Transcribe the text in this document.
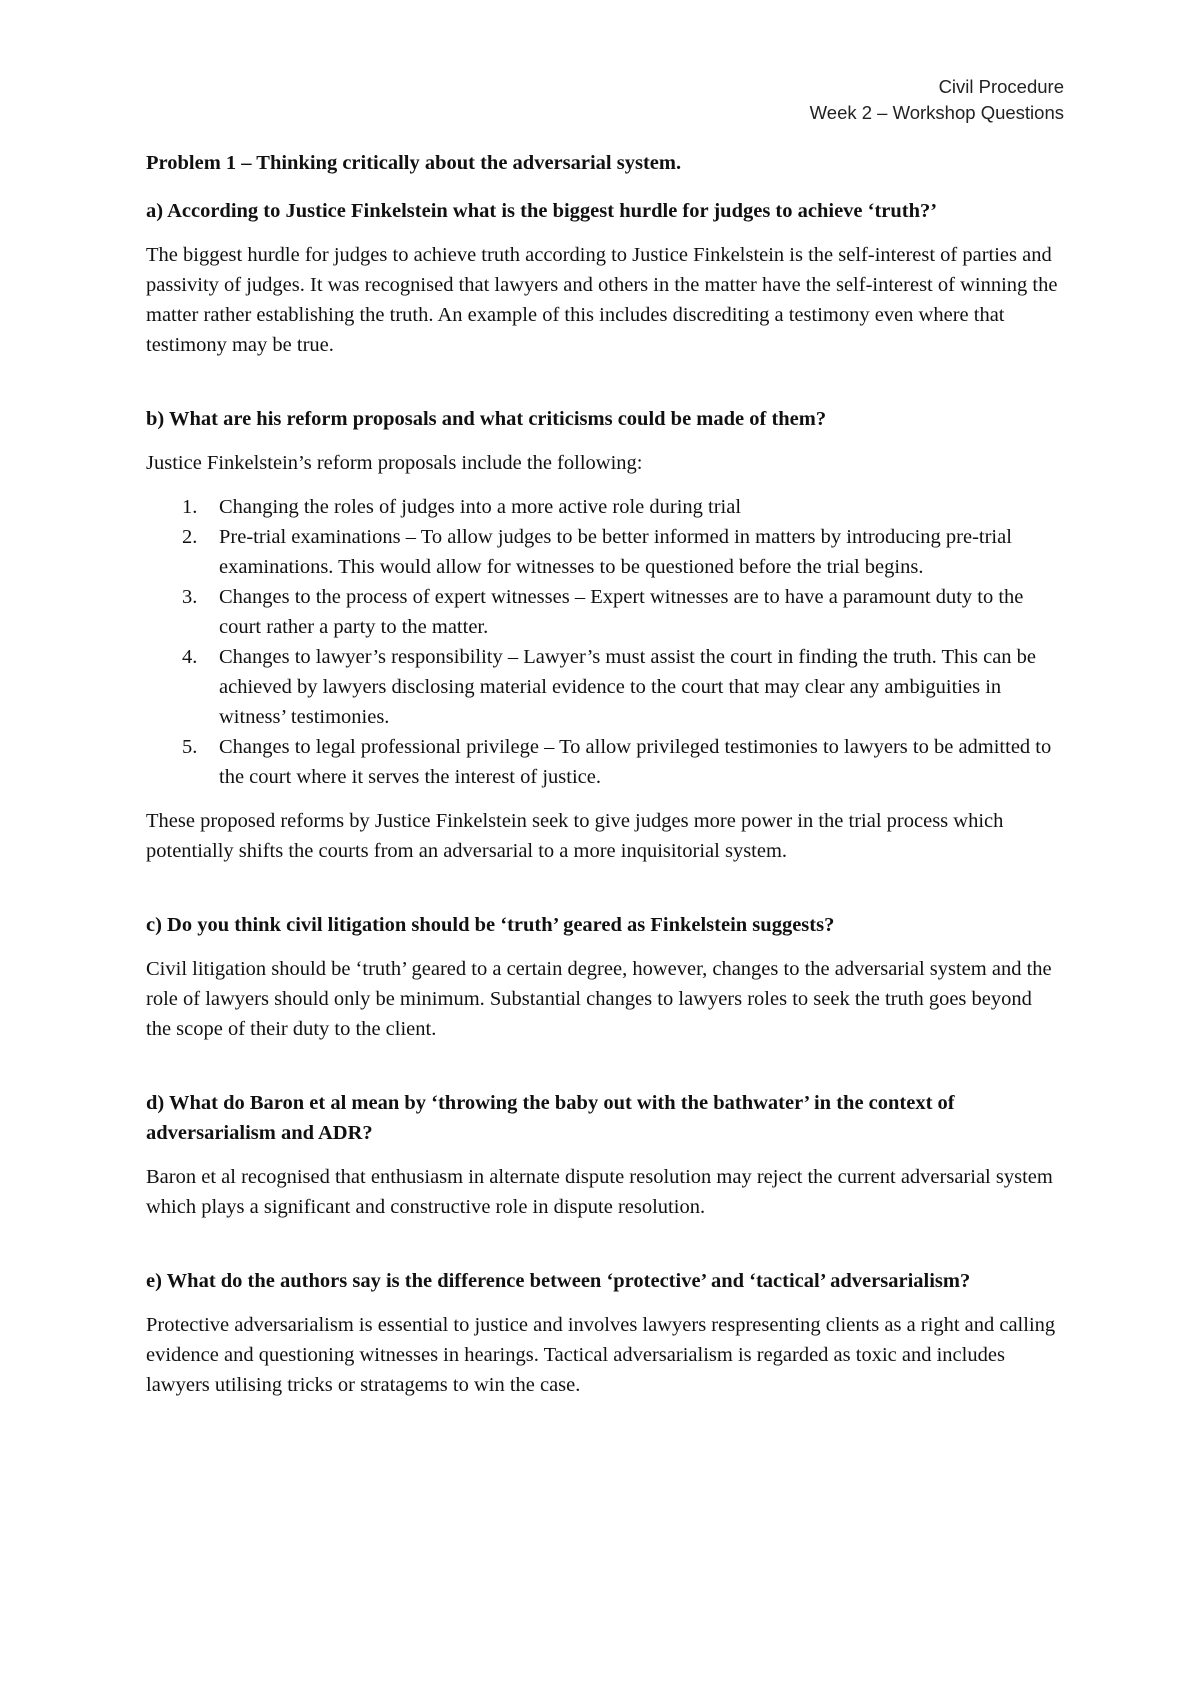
Civil Procedure
Week 2 – Workshop Questions

Problem 1 – Thinking critically about the adversarial system.

a) According to Justice Finkelstein what is the biggest hurdle for judges to achieve ‘truth?’

The biggest hurdle for judges to achieve truth according to Justice Finkelstein is the self-interest of parties and passivity of judges. It was recognised that lawyers and others in the matter have the self-interest of winning the matter rather establishing the truth. An example of this includes discrediting a testimony even where that testimony may be true.

b) What are his reform proposals and what criticisms could be made of them?

Justice Finkelstein’s reform proposals include the following:

1. Changing the roles of judges into a more active role during trial
2. Pre-trial examinations – To allow judges to be better informed in matters by introducing pre-trial examinations. This would allow for witnesses to be questioned before the trial begins.
3. Changes to the process of expert witnesses – Expert witnesses are to have a paramount duty to the court rather a party to the matter.
4. Changes to lawyer’s responsibility – Lawyer’s must assist the court in finding the truth. This can be achieved by lawyers disclosing material evidence to the court that may clear any ambiguities in witness’ testimonies.
5. Changes to legal professional privilege – To allow privileged testimonies to lawyers to be admitted to the court where it serves the interest of justice.

These proposed reforms by Justice Finkelstein seek to give judges more power in the trial process which potentially shifts the courts from an adversarial to a more inquisitorial system.

c) Do you think civil litigation should be ‘truth’ geared as Finkelstein suggests?

Civil litigation should be ‘truth’ geared to a certain degree, however, changes to the adversarial system and the role of lawyers should only be minimum. Substantial changes to lawyers roles to seek the truth goes beyond the scope of their duty to the client.

d) What do Baron et al mean by ‘throwing the baby out with the bathwater’ in the context of adversarialism and ADR?

Baron et al recognised that enthusiasm in alternate dispute resolution may reject the current adversarial system which plays a significant and constructive role in dispute resolution.

e) What do the authors say is the difference between ‘protective’ and ‘tactical’ adversarialism?

Protective adversarialism is essential to justice and involves lawyers respresenting clients as a right and calling evidence and questioning witnesses in hearings. Tactical adversarialism is regarded as toxic and includes lawyers utilising tricks or stratagems to win the case.
